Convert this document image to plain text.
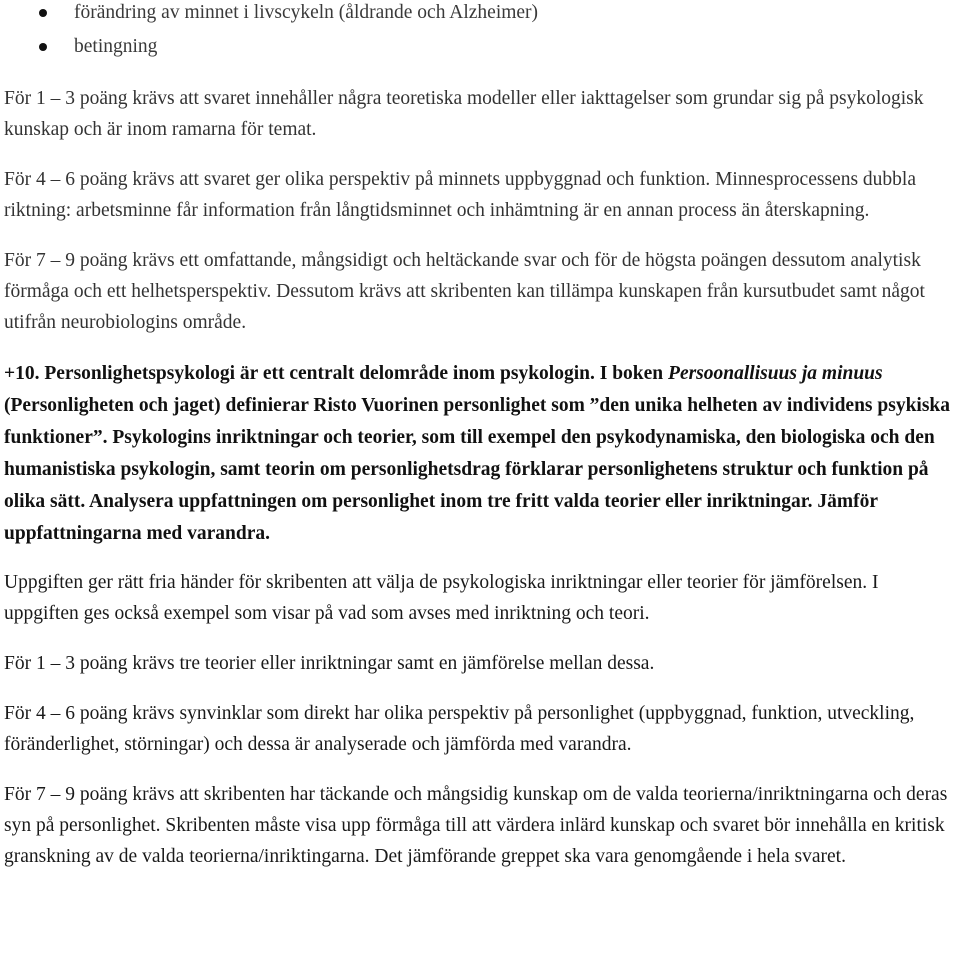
förändring av minnet i livscykeln (åldrande och Alzheimer)
betingning

För 1 – 3 poäng krävs att svaret innehåller några teoretiska modeller eller iakttagelser som grundar sig på psykologisk kunskap och är inom ramarna för temat.

För 4 – 6 poäng krävs att svaret ger olika perspektiv på minnets uppbyggnad och funktion. Minnesprocessens dubbla riktning: arbetsminne får information från långtidsminnet och inhämtning är en annan process än återskapning.

För 7 – 9 poäng krävs ett omfattande, mångsidigt och heltäckande svar och för de högsta poängen dessutom analytisk förmåga och ett helhetsperspektiv. Dessutom krävs att skribenten kan tillämpa kunskapen från kursutbudet samt något utifrån neurobiologins område.

+10. Personlighetspsykologi är ett centralt delområde inom psykologin. I boken Persoonallisuus ja minuus (Personligheten och jaget) definierar Risto Vuorinen personlighet som ”den unika helheten av individens psykiska funktioner”. Psykologins inriktningar och teorier, som till exempel den psykodynamiska, den biologiska och den humanistiska psykologin, samt teorin om personlighetsdrag förklarar personlighetens struktur och funktion på olika sätt. Analysera uppfattningen om personlighet inom tre fritt valda teorier eller inriktningar. Jämför uppfattningarna med varandra.

Uppgiften ger rätt fria händer för skribenten att välja de psykologiska inriktningar eller teorier för jämförelsen. I uppgiften ges också exempel som visar på vad som avses med inriktning och teori.

För 1 – 3 poäng krävs tre teorier eller inriktningar samt en jämförelse mellan dessa.

För 4 – 6 poäng krävs synvinklar som direkt har olika perspektiv på personlighet (uppbyggnad, funktion, utveckling, föränderlighet, störningar) och dessa är analyserade och jämförda med varandra.

För 7 – 9 poäng krävs att skribenten har täckande och mångsidig kunskap om de valda teorierna/inriktningarna och deras syn på personlighet. Skribenten måste visa upp förmåga till att värdera inlärd kunskap och svaret bör innehålla en kritisk granskning av de valda teorierna/inriktingarna. Det jämförande greppet ska vara genomgående i hela svaret.
